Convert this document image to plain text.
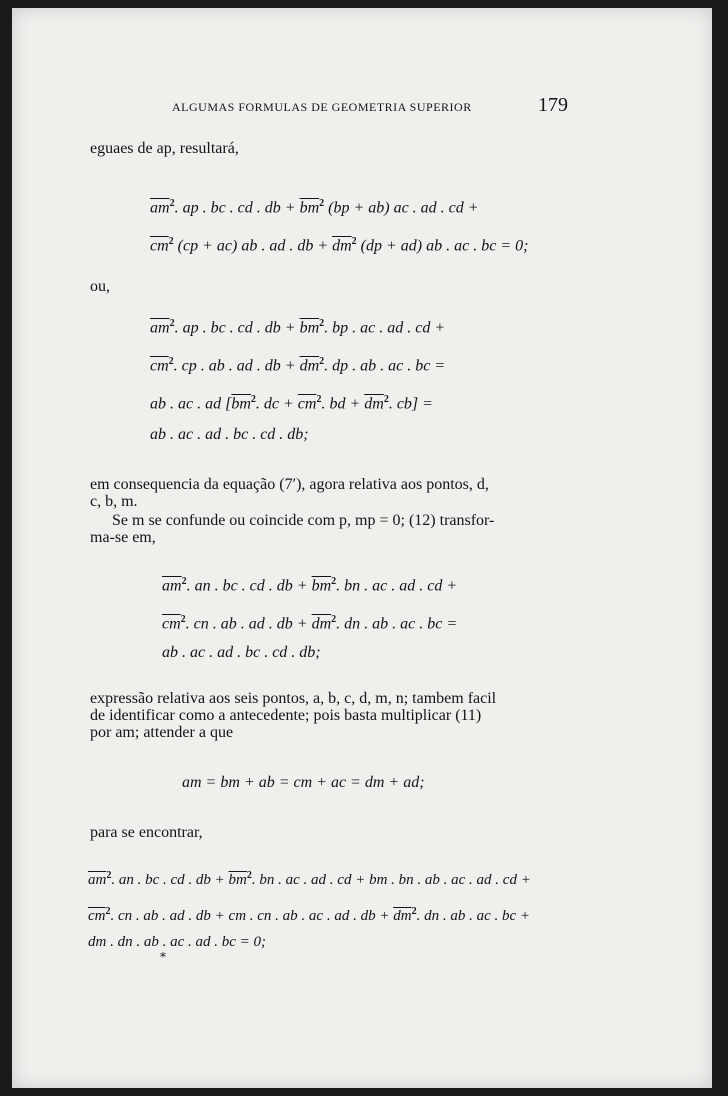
ALGUMAS FORMULAS DE GEOMETRIA SUPERIOR	179
eguaes de ap, resultará,
$\overline{am}^2$. ap . bc . cd . db + $\overline{bm}^2$ (bp + ab) ac . ad . cd +
$\overline{cm}^2$ (cp + ac) ab . ad . db + $\overline{dm}^2$ (dp + ad) ab . ac . bc = 0;
ou,
$\overline{am}^2$. ap . bc . cd . db + $\overline{bm}^2$. bp . ac . ad . cd +
$\overline{cm}^2$. cp . ab . ad . db + $\overline{dm}^2$. dp . ab . ac . bc =
ab . ac . ad [$\overline{bm}^2$. dc + $\overline{cm}^2$. bd + $\overline{dm}^2$. cb] =
ab . ac . ad . bc . cd . db;
em consequencia da equação (7′), agora relativa aos pontos, d,
c, b, m.
Se m se confunde ou coincide com p, mp = 0; (12) transfor-
ma-se em,
$\overline{am}^2$. an . bc . cd . db + $\overline{bm}^2$. bn . ac . ad . cd +
$\overline{cm}^2$. cn . ab . ad . db + $\overline{dm}^2$. dn . ab . ac . bc =
ab . ac . ad . bc . cd . db;
expressão relativa aos seis pontos, a, b, c, d, m, n; tambem facil
de identificar como a antecedente; pois basta multiplicar (11)
por am; attender a que
am = bm + ab = cm + ac = dm + ad;
para se encontrar,
$\overline{am}^2$. an . bc . cd . db + $\overline{bm}^2$. bn . ac . ad . cd + bm . bn . ab . ac . ad . cd +
$\overline{cm}^2$. cn . ab . ad . db + cm . cn . ab . ac . ad . db + $\overline{dm}^2$. dn . ab . ac . bc +
dm . dn . ab . ac . ad . bc = 0;
*
